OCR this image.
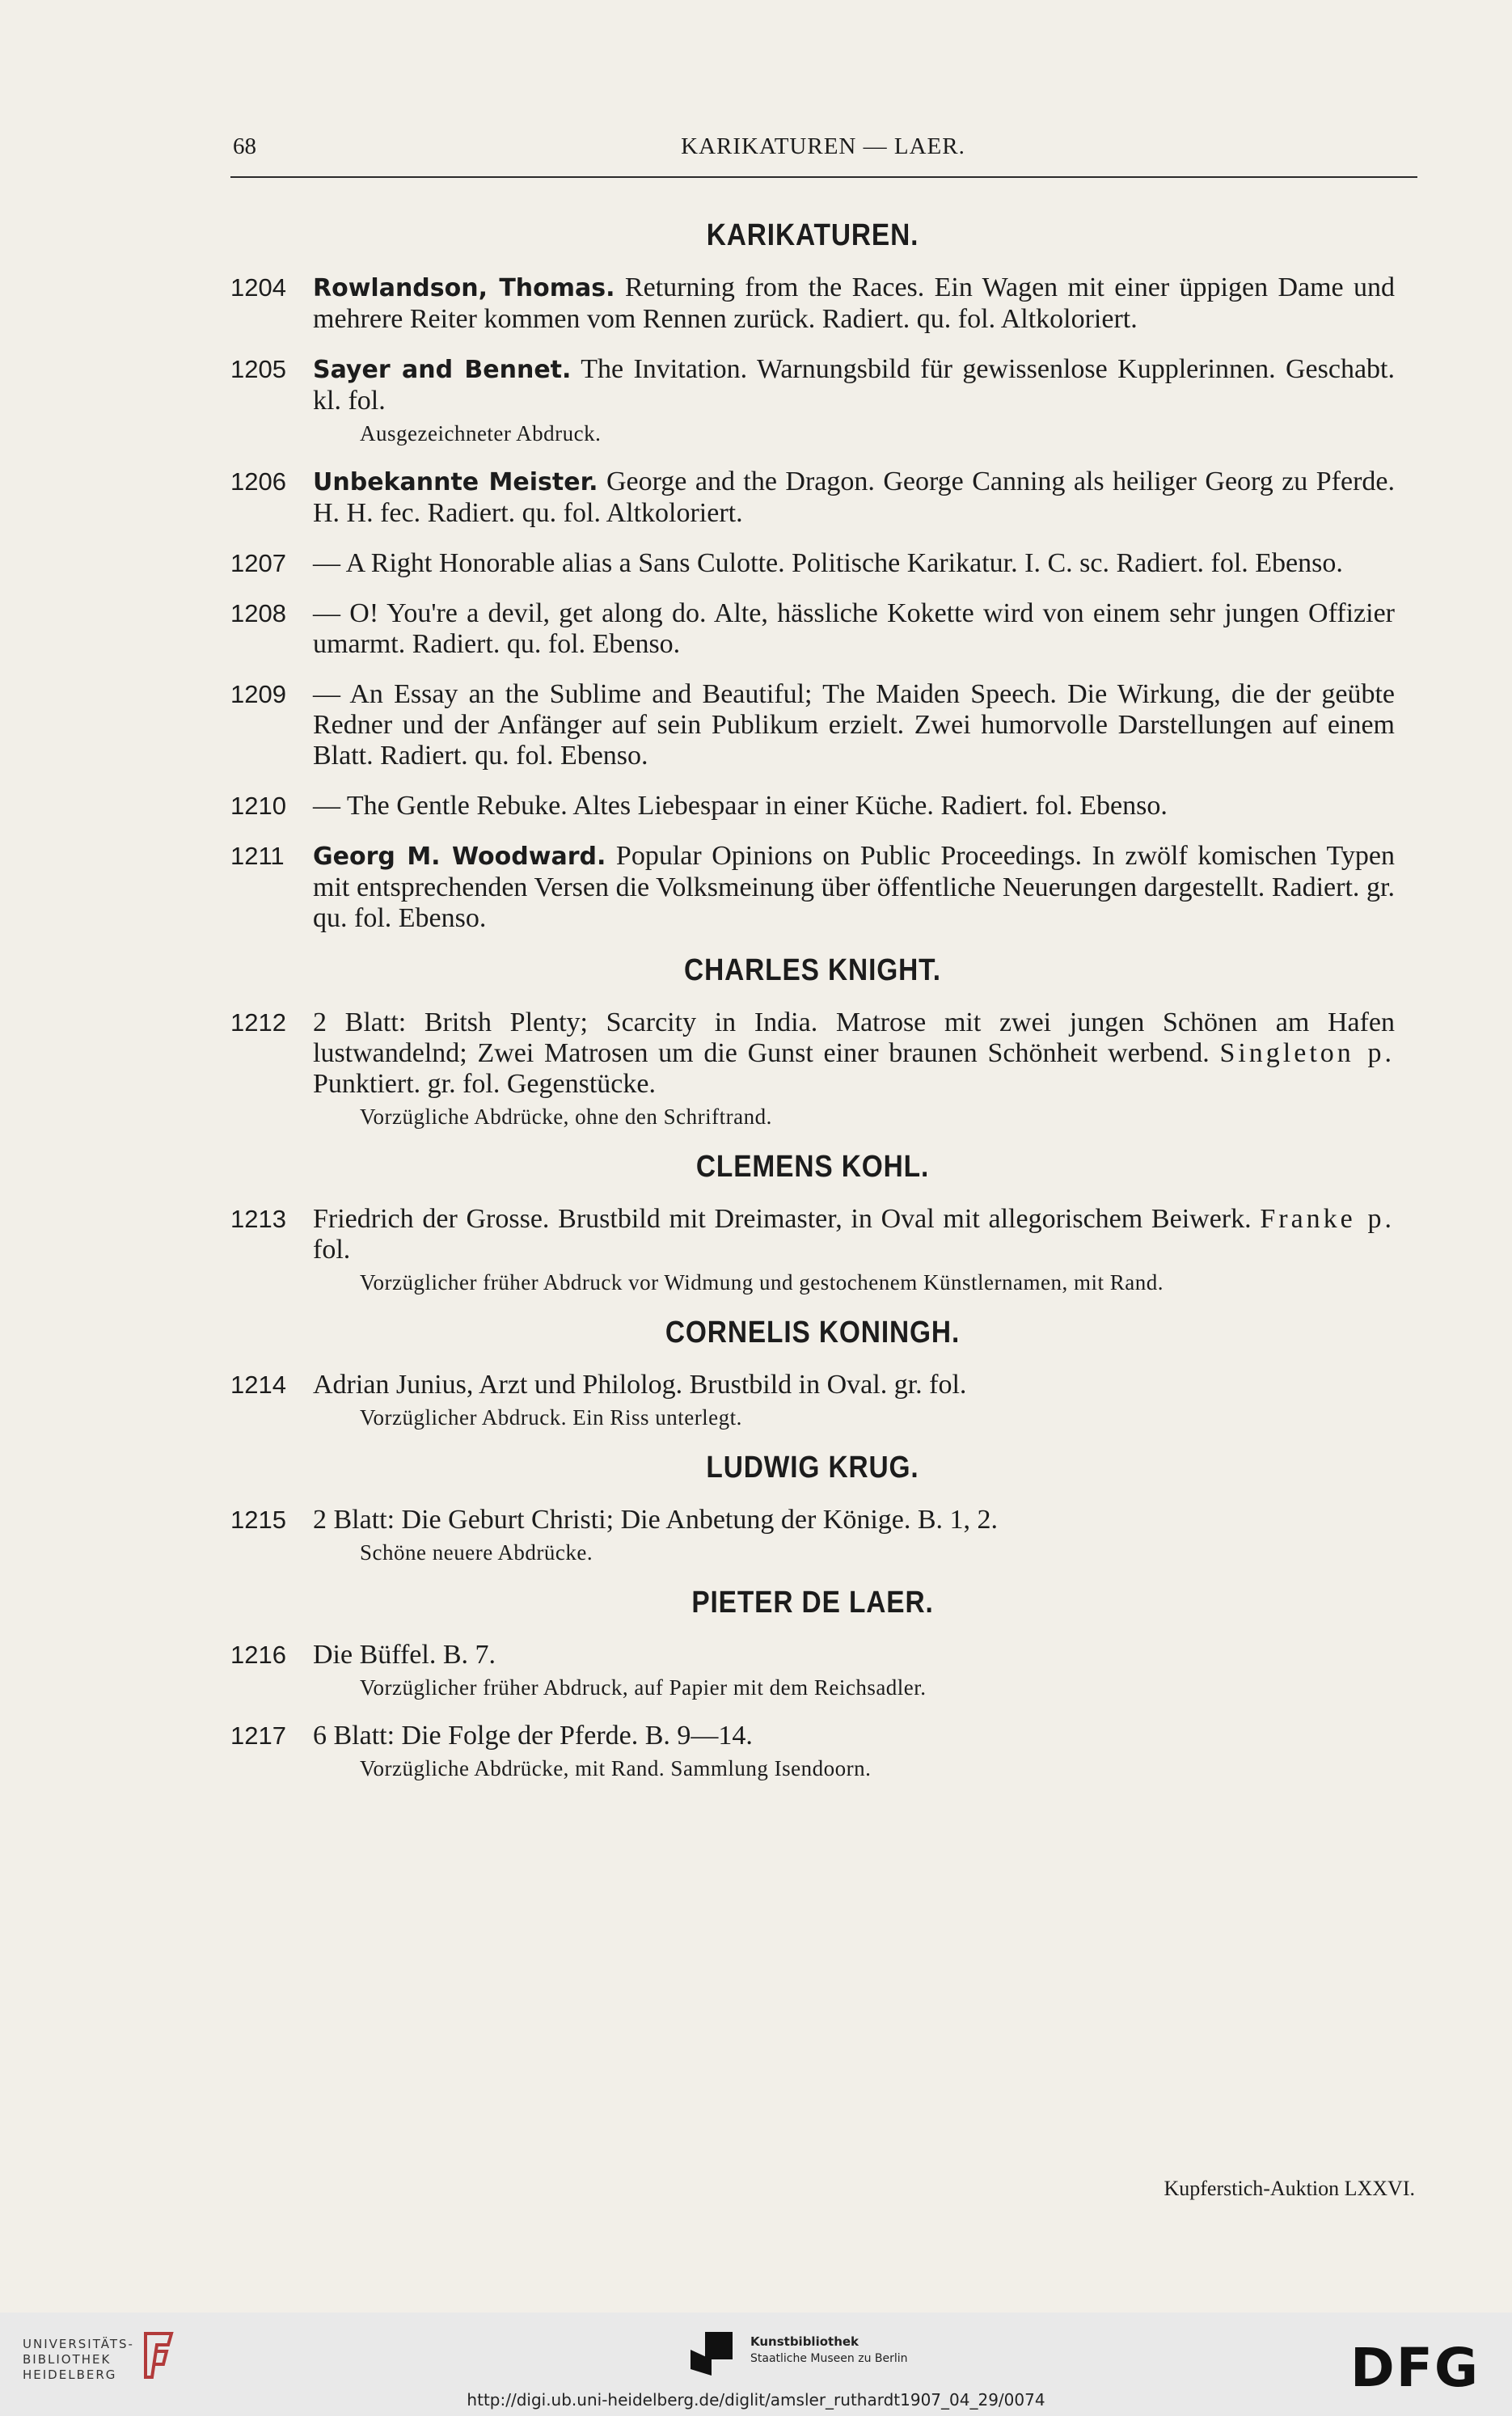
68	KARIKATUREN — LAER.
KARIKATUREN.
1204 Rowlandson, Thomas. Returning from the Races. Ein Wagen mit einer üppigen Dame und mehrere Reiter kommen vom Rennen zurück. Radiert. qu. fol. Altkoloriert.
1205 Sayer and Bennet. The Invitation. Warnungsbild für gewissenlose Kupplerinnen. Geschabt. kl. fol.
Ausgezeichneter Abdruck.
1206 Unbekannte Meister. George and the Dragon. George Canning als heiliger Georg zu Pferde. H. H. fec. Radiert. qu. fol. Altkoloriert.
1207 — A Right Honorable alias a Sans Culotte. Politische Karikatur. I. C. sc. Radiert. fol. Ebenso.
1208 — O! You're a devil, get along do. Alte, hässliche Kokette wird von einem sehr jungen Offizier umarmt. Radiert. qu. fol. Ebenso.
1209 — An Essay an the Sublime and Beautiful; The Maiden Speech. Die Wirkung, die der geübte Redner und der Anfänger auf sein Publikum erzielt. Zwei humorvolle Darstellungen auf einem Blatt. Radiert. qu. fol. Ebenso.
1210 — The Gentle Rebuke. Altes Liebespaar in einer Küche. Radiert. fol. Ebenso.
1211 Georg M. Woodward. Popular Opinions on Public Proceedings. In zwölf komischen Typen mit entsprechenden Versen die Volksmeinung über öffentliche Neuerungen dargestellt. Radiert. gr. qu. fol. Ebenso.
CHARLES KNIGHT.
1212 2 Blatt: Britsh Plenty; Scarcity in India. Matrose mit zwei jungen Schönen am Hafen lustwandelnd; Zwei Matrosen um die Gunst einer braunen Schönheit werbend. Singleton p. Punktiert. gr. fol. Gegenstücke.
Vorzügliche Abdrücke, ohne den Schriftrand.
CLEMENS KOHL.
1213 Friedrich der Grosse. Brustbild mit Dreimaster, in Oval mit allegorischem Beiwerk. Franke p. fol.
Vorzüglicher früher Abdruck vor Widmung und gestochenem Künstlernamen, mit Rand.
CORNELIS KONINGH.
1214 Adrian Junius, Arzt und Philolog. Brustbild in Oval. gr. fol.
Vorzüglicher Abdruck. Ein Riss unterlegt.
LUDWIG KRUG.
1215 2 Blatt: Die Geburt Christi; Die Anbetung der Könige. B. 1, 2.
Schöne neuere Abdrücke.
PIETER DE LAER.
1216 Die Büffel. B. 7.
Vorzüglicher früher Abdruck, auf Papier mit dem Reichsadler.
1217 6 Blatt: Die Folge der Pferde. B. 9—14.
Vorzügliche Abdrücke, mit Rand. Sammlung Isendoorn.
Kupferstich-Auktion LXXVI.
UNIVERSITÄTS-
BIBLIOTHEK
HEIDELBERG
Kunstbibliothek
Staatliche Museen zu Berlin	DFG
http://digi.ub.uni-heidelberg.de/diglit/amsler_ruthardt1907_04_29/0074
